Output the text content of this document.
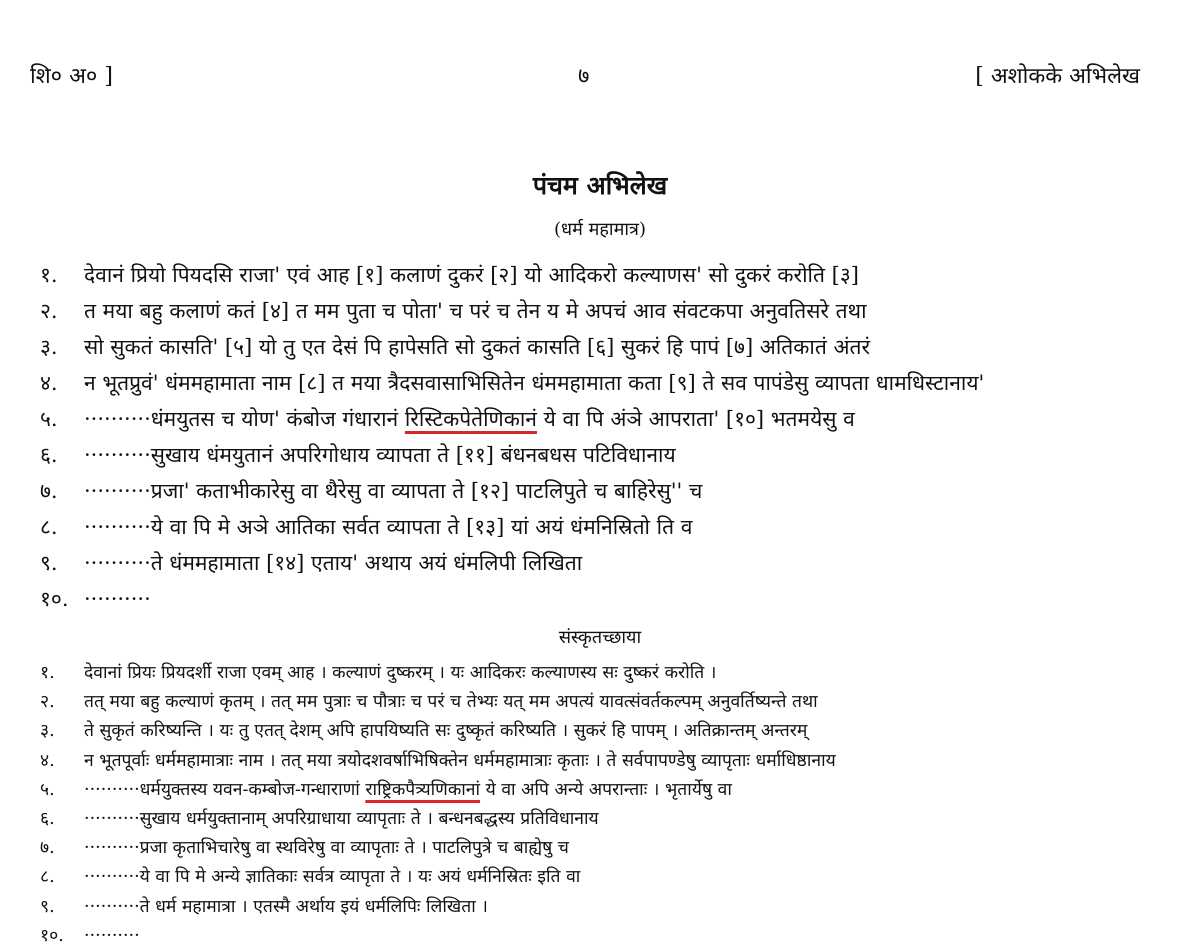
शि० अ० ]	७	[ अशोकके अभिलेख
पंचम अभिलेख
(धर्म महामात्र)
१.	देवानं प्रियो पियदसि राजा' एवं आह [१] कलाणं दुकरं [२] यो आदिकरो कल्याणस' सो दुकरं करोति [३]
२.	त मया बहु कलाणं कतं [४] त मम पुता च पोता' च परं च तेन य मे अपचं आव संवटकपा अनुवतिसरे तथा
३.	सो सुकतं कासति' [५] यो तु एत देसं पि हापेसति सो दुकतं कासति [६] सुकरं हि पापं [७] अतिकातं अंतरं
४.	न भूतप्रुवं' धंममहामाता नाम [८] त मया त्रैदसवासाभिसितेन धंममहामाता कता [९] ते सव पापंडेसु व्यापता धामधिस्टानाय'
५.	··········धंमयुतस च योण' कंबोज गंधारानं रिस्टिकपेतेणिकानं ये वा पि अंञे आपराता' [१०] भतमयेसु व
६.	··········सुखाय धंमयुतानं अपरिगोधाय व्यापता ते [११] बंधनबधस पटिविधानाय
७.	··········प्रजा' कताभीकारेसु वा थैरेसु वा व्यापता ते [१२] पाटलिपुते च बाहिरेसु'' च
८.	··········ये वा पि मे अञे आतिका सर्वत व्यापता ते [१३] यां अयं धंमनिस्रितो ति व
९.	··········ते धंममहामाता [१४] एताय' अथाय अयं धंमलिपी लिखिता
१०. ··········
संस्कृतच्छाया
१.	देवानां प्रियः प्रियदर्शी राजा एवम् आह । कल्याणं दुष्करम् । यः आदिकरः कल्याणस्य सः दुष्करं करोति ।
२.	तत् मया बहु कल्याणं कृतम् । तत् मम पुत्राः च पौत्राः च परं च तेभ्यः यत् मम अपत्यं यावत्संवर्तकल्पम् अनुवर्तिष्यन्ते तथा
३.	ते सुकृतं करिष्यन्ति । यः तु एतत् देशम् अपि हापयिष्यति सः दुष्कृतं करिष्यति । सुकरं हि पापम् । अतिक्रान्तम् अन्तरम्
४.	न भूतपूर्वाः धर्ममहामात्राः नाम । तत् मया त्रयोदशवर्षाभिषिक्तेन धर्ममहामात्राः कृताः । ते सर्वपापण्डेषु व्यापृताः धर्माधिष्ठानाय
५.	··········धर्मयुक्तस्य यवन-कम्बोज-गन्धाराणां राष्ट्रिकपैत्र्यणिकानां ये वा अपि अन्ये अपरान्ताः । भृतार्येषु वा
६.	··········सुखाय धर्मयुक्तानाम् अपरिग्राधाया व्यापृताः ते । बन्धनबद्धस्य प्रतिविधानाय
७.	··········प्रजा कृताभिचारेषु वा स्थविरेषु वा व्यापृताः ते । पाटलिपुत्रे च बाह्येषु च
८.	··········ये वा पि मे अन्ये ज्ञातिकाः सर्वत्र व्यापृता ते । यः अयं धर्मनिस्रितः इति वा
९.	··········ते धर्म महामात्रा । एतस्मै अर्थाय इयं धर्मलिपिः लिखिता ।
१०.	··········
